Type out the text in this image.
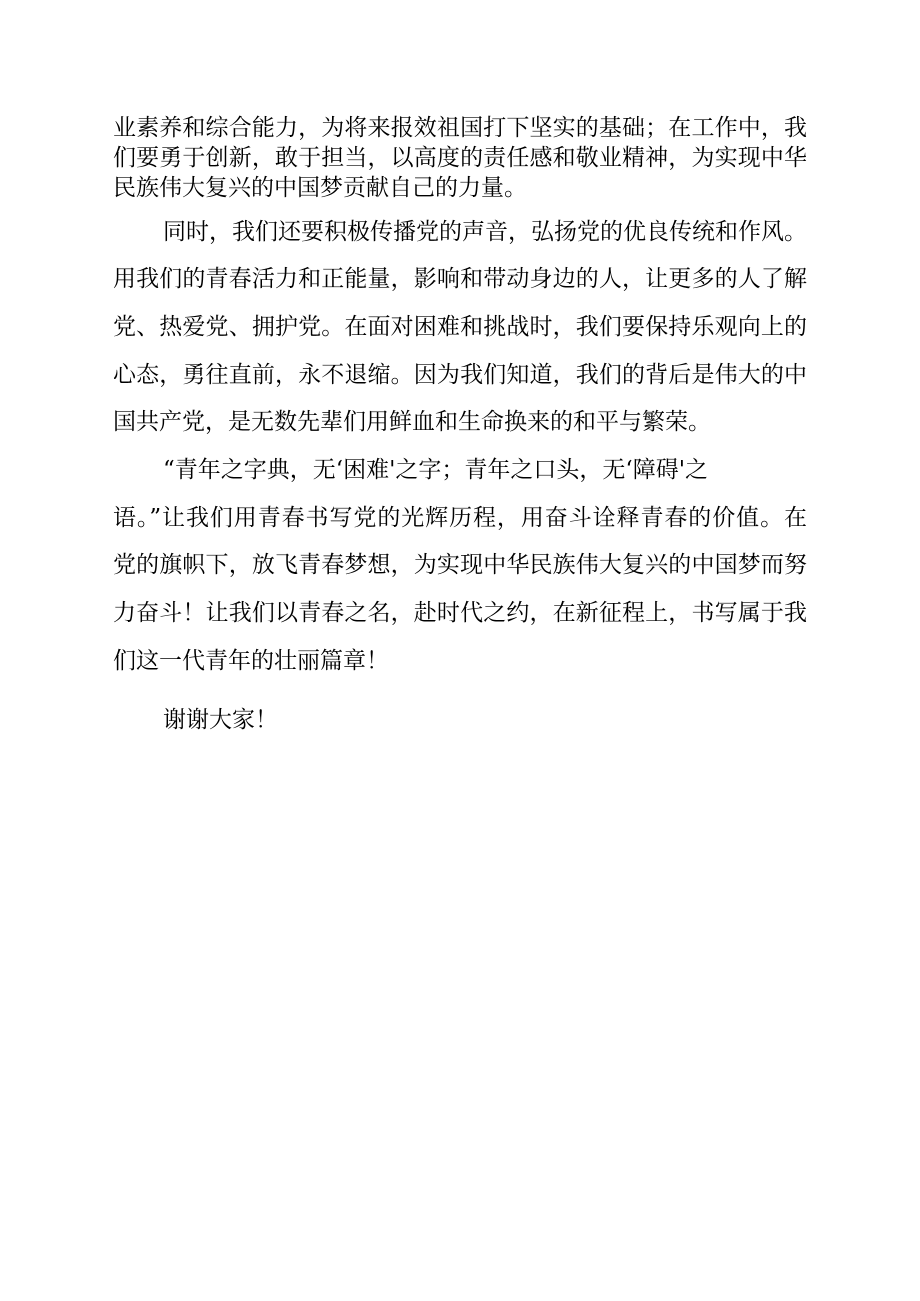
业素养和综合能力，为将来报效祖国打下坚实的基础；在工作中，我
们要勇于创新，敢于担当，以高度的责任感和敬业精神，为实现中华
民族伟大复兴的中国梦贡献自己的力量。
同时，我们还要积极传播党的声音，弘扬党的优良传统和作风。
用我们的青春活力和正能量，影响和带动身边的人，让更多的人了解
党、热爱党、拥护党。在面对困难和挑战时，我们要保持乐观向上的
心态，勇往直前，永不退缩。因为我们知道，我们的背后是伟大的中
国共产党，是无数先辈们用鲜血和生命换来的和平与繁荣。
“青年之字典，无‘困难'之字；青年之口头，无‘障碍'之
语。”让我们用青春书写党的光辉历程，用奋斗诠释青春的价值。在
党的旗帜下，放飞青春梦想，为实现中华民族伟大复兴的中国梦而努
力奋斗！让我们以青春之名，赴时代之约，在新征程上，书写属于我
们这一代青年的壮丽篇章！
谢谢大家！
